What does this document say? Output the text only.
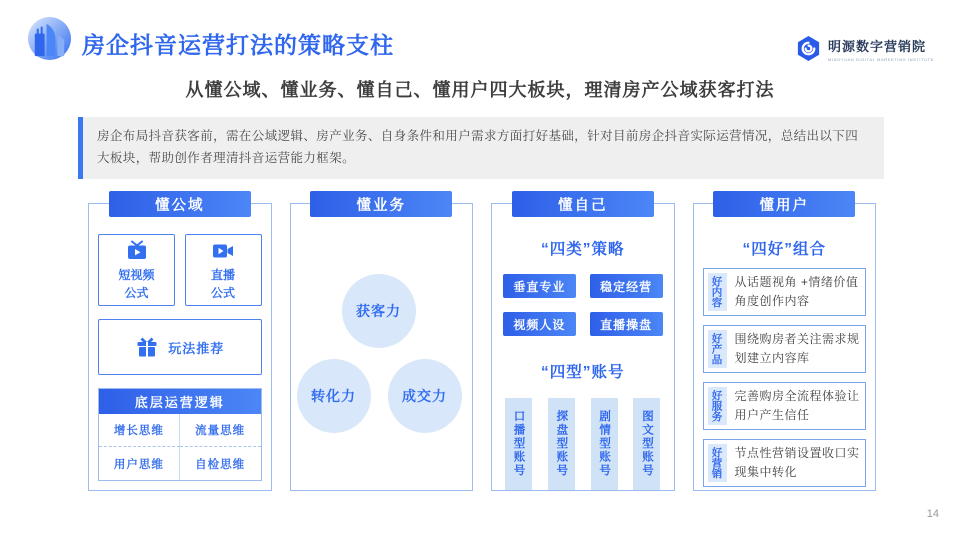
房企抖音运营打法的策略支柱	明源数字营销院
MINGYUAN DIGITAL MARKETING INSTITUTE
从懂公域、懂业务、懂自己、懂用户四大板块，理清房产公域获客打法
房企布局抖音获客前，需在公域逻辑、房产业务、自身条件和用户需求方面打好基础，针对目前房企抖音实际运营情况，总结出以下四大板块，帮助创作者理清抖音运营能力框架。
懂公域
短视频
公式
直播
公式
玩法推荐
底层运营逻辑
增长思维	流量思维
用户思维	自检思维
懂业务
获客力
转化力	成交力
懂自己
“四类”策略
垂直专业	稳定经营
视频人设	直播操盘
“四型”账号
口播型账号	探盘型账号	剧情型账号	图文型账号
懂用户
“四好”组合
好内容	从话题视角 +情绪价值角度创作内容
好产品	围绕购房者关注需求规划建立内容库
好服务	完善购房全流程体验让用户产生信任
好营销	节点性营销设置收口实现集中转化
14
